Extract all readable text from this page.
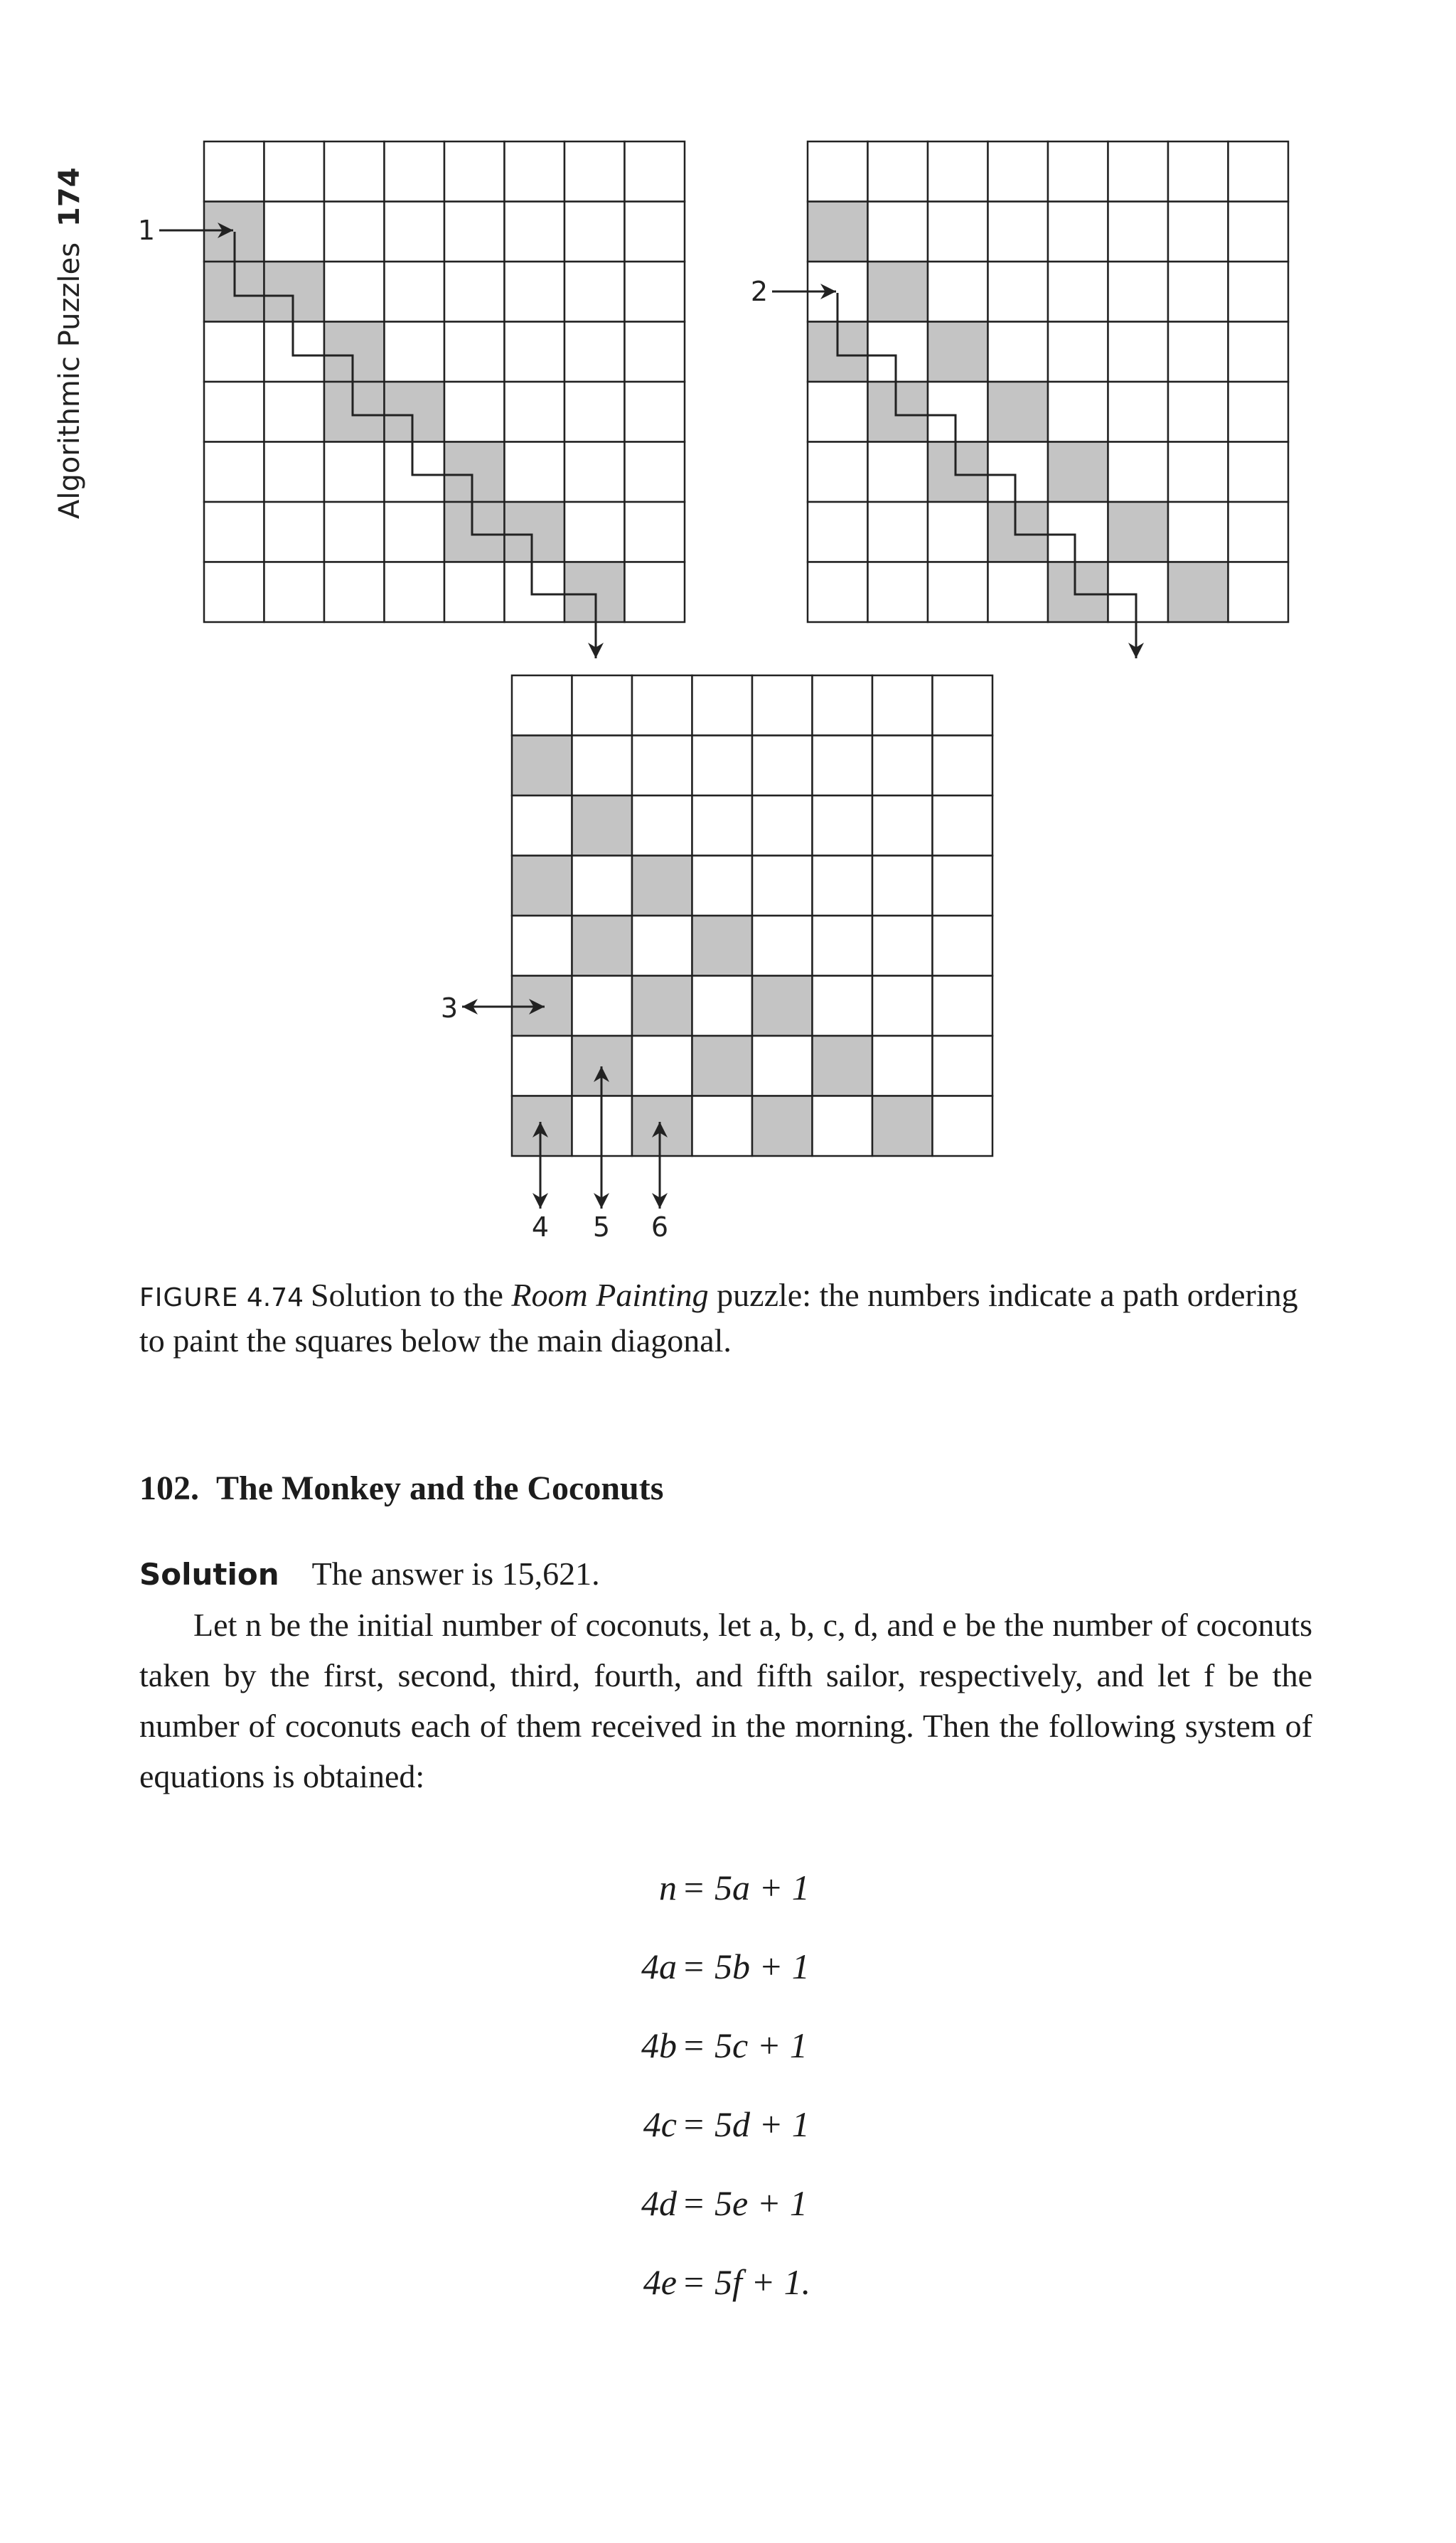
Algorithmic Puzzles
174
1
2
3
4 5 6
FIGURE 4.74 Solution to the Room Painting puzzle: the numbers indicate a path ordering to paint the squares below the main diagonal.
102. The Monkey and the Coconuts

Solution The answer is 15,621.

Let n be the initial number of coconuts, let a, b, c, d, and e be the number of coconuts taken by the first, second, third, fourth, and fifth sailor, respectively, and let f be the number of coconuts each of them received in the morning. Then the following system of equations is obtained:

n = 5a + 1
4a = 5b + 1
4b = 5c + 1
4c = 5d + 1
4d = 5e + 1
4e = 5f + 1.
